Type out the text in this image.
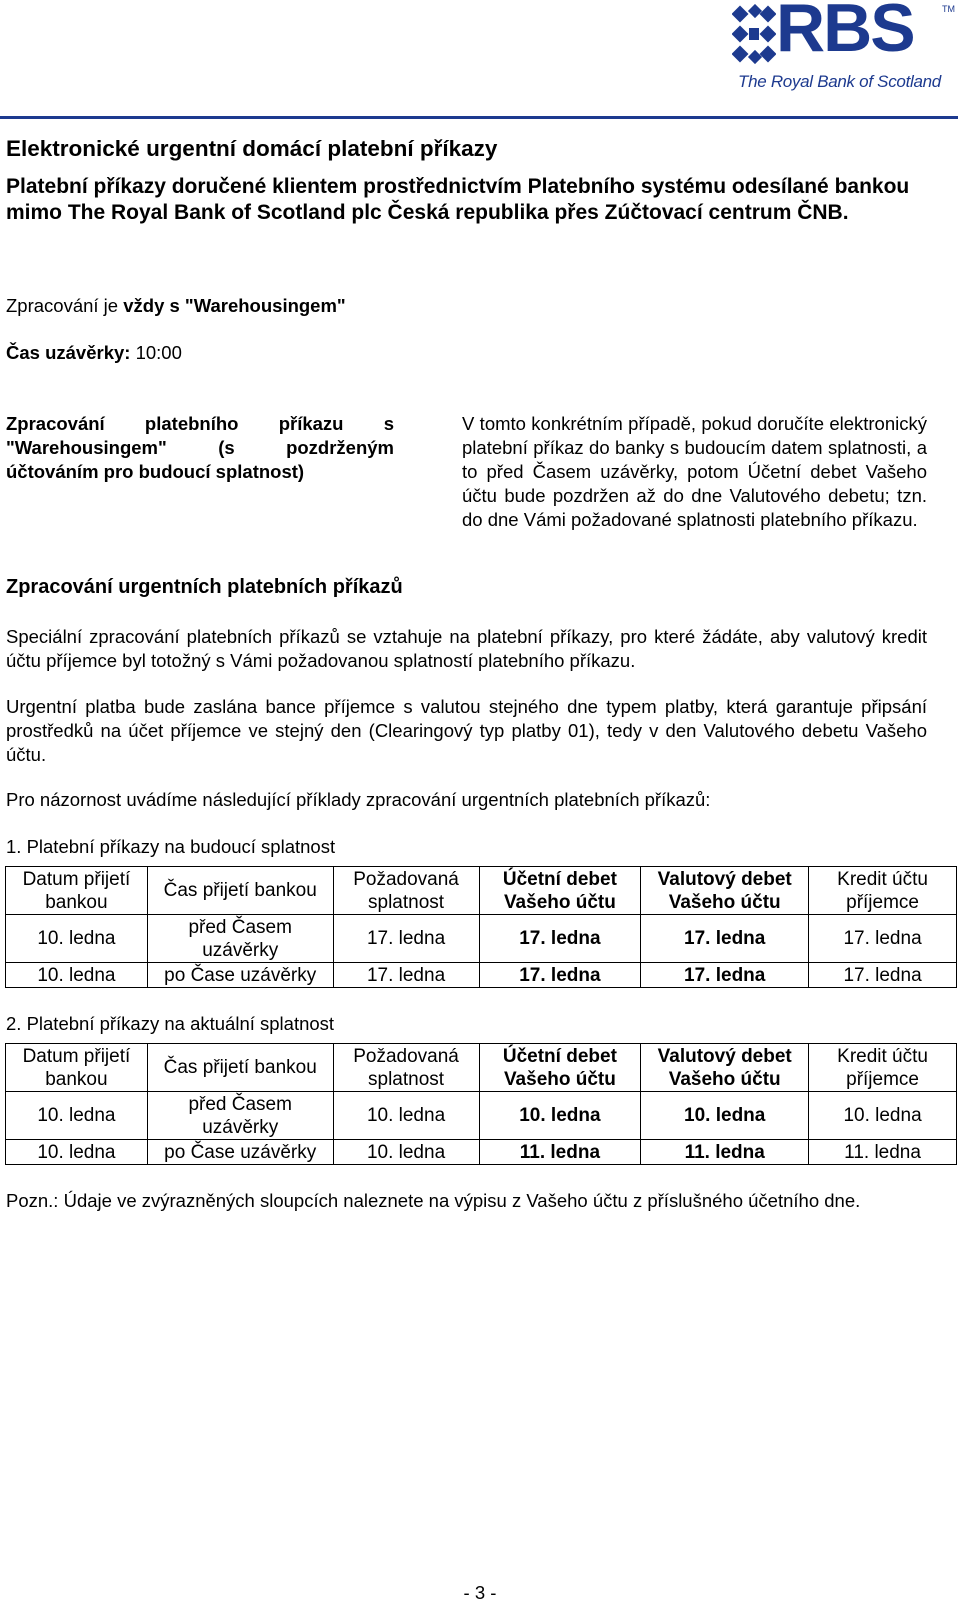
RBS	TM
The Royal Bank of Scotland
Elektronické urgentní domácí platební příkazy
Platební příkazy doručené klientem prostřednictvím Platebního systému odesílané bankou mimo The Royal Bank of Scotland plc Česká republika přes Zúčtovací centrum ČNB.
Zpracování je vždy s "Warehousingem"
Čas uzávěrky: 10:00
Zpracování platebního příkazu s "Warehousingem" (s pozdrženým účtováním pro budoucí splatnost)
V tomto konkrétním případě, pokud doručíte elektronický platební příkaz do banky s budoucím datem splatnosti, a to před Časem uzávěrky, potom Účetní debet Vašeho účtu bude pozdržen až do dne Valutového debetu; tzn. do dne Vámi požadované splatnosti platebního příkazu.
Zpracování urgentních platebních příkazů
Speciální zpracování platebních příkazů se vztahuje na platební příkazy, pro které žádáte, aby valutový kredit účtu příjemce byl totožný s Vámi požadovanou splatností platebního příkazu.
Urgentní platba bude zaslána bance příjemce s valutou stejného dne typem platby, která garantuje připsání prostředků na účet příjemce ve stejný den (Clearingový typ platby 01), tedy v den Valutového debetu Vašeho účtu.
Pro názornost uvádíme následující příklady zpracování urgentních platebních příkazů:
1. Platební příkazy na budoucí splatnost
Datum přijetí bankou	Čas přijetí bankou	Požadovaná splatnost	Účetní debet Vašeho účtu	Valutový debet Vašeho účtu	Kredit účtu příjemce
10. ledna	před Časem uzávěrky	17. ledna	17. ledna	17. ledna	17. ledna
10. ledna	po Čase uzávěrky	17. ledna	17. ledna	17. ledna	17. ledna
2. Platební příkazy na aktuální splatnost
Datum přijetí bankou	Čas přijetí bankou	Požadovaná splatnost	Účetní debet Vašeho účtu	Valutový debet Vašeho účtu	Kredit účtu příjemce
10. ledna	před Časem uzávěrky	10. ledna	10. ledna	10. ledna	10. ledna
10. ledna	po Čase uzávěrky	10. ledna	11. ledna	11. ledna	11. ledna
Pozn.: Údaje ve zvýrazněných sloupcích naleznete na výpisu z Vašeho účtu z příslušného účetního dne.
- 3 -
